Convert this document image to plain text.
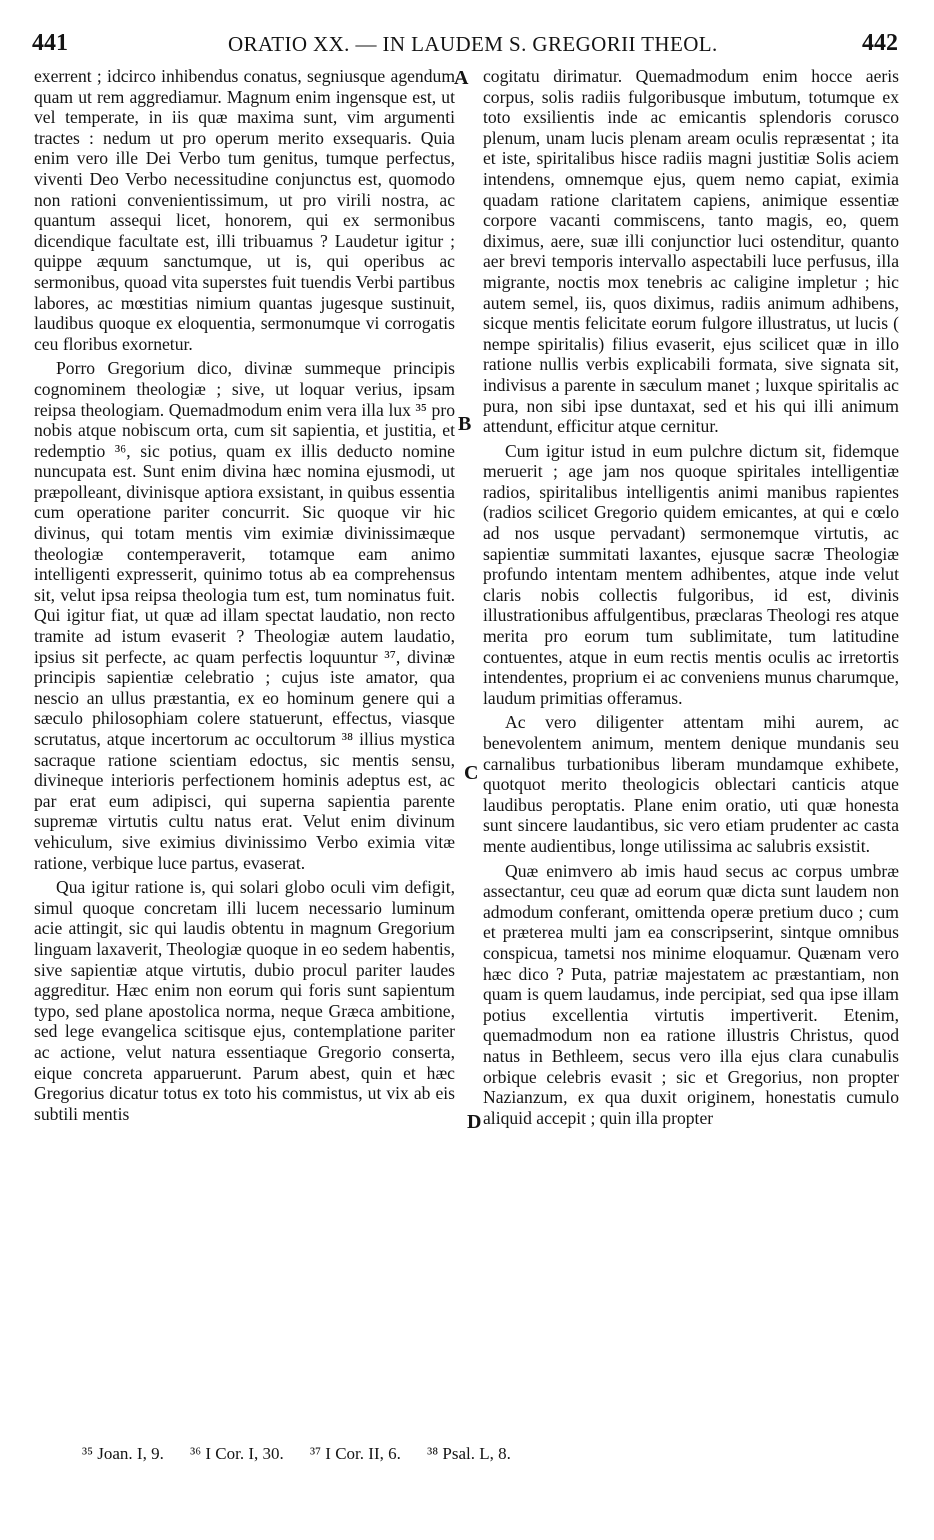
441	ORATIO XX. — IN LAUDEM S. GREGORII THEOL.	442

exerrent ; idcirco inhibendus conatus, segniusque agendum quam ut rem aggrediamur. Magnum enim ingensque est, ut vel temperate, in iis quæ maxima sunt, vim argumenti tractes : nedum ut pro operum merito exsequaris. Quia enim vero ille Dei Verbo tum genitus, tumque perfectus, viventi Deo Verbo necessitudine conjunctus est, quomodo non rationi convenientissimum, ut pro virili nostra, ac quantum assequi licet, honorem, qui ex sermonibus dicendique facultate est, illi tribuamus ? Laudetur igitur ; quippe æquum sanctumque, ut is, qui operibus ac sermonibus, quoad vita superstes fuit tuendis Verbi partibus labores, ac mœstitias nimium quantas jugesque sustinuit, laudibus quoque ex eloquentia, sermonumque vi corrogatis ceu floribus exornetur.

Porro Gregorium dico, divinæ summeque principis cognominem theologiæ ; sive, ut loquar verius, ipsam reipsa theologiam. Quemadmodum enim vera illa lux ³⁵ pro nobis atque nobiscum orta, cum sit sapientia, et justitia, et redemptio ³⁶, sic potius, quam ex illis deducto nomine nuncupata est. Sunt enim divina hæc nomina ejusmodi, ut præpolleant, divinisque aptiora exsistant, in quibus essentia cum operatione pariter concurrit. Sic quoque vir hic divinus, qui totam mentis vim eximiæ divinissimæque theologiæ contemperaverit, totamque eam animo intelligenti expresserit, quinimo totus ab ea comprehensus sit, velut ipsa reipsa theologia tum est, tum nominatus fuit. Qui igitur fiat, ut quæ ad illam spectat laudatio, non recto tramite ad istum evaserit ? Theologiæ autem laudatio, ipsius sit perfecte, ac quam perfectis loquuntur ³⁷, divinæ principis sapientiæ celebratio ; cujus iste amator, qua nescio an ullus præstantia, ex eo hominum genere qui a sæculo philosophiam colere statuerunt, effectus, viasque scrutatus, atque incertorum ac occultorum ³⁸ illius mystica sacraque ratione scientiam edoctus, sic mentis sensu, divineque interioris perfectionem hominis adeptus est, ac par erat eum adipisci, qui superna sapientia parente supremæ virtutis cultu natus erat. Velut enim divinum vehiculum, sive eximius divinissimo Verbo eximia vitæ ratione, verbique luce partus, evaserat.

Qua igitur ratione is, qui solari globo oculi vim defigit, simul quoque concretam illi lucem necessario luminum acie attingit, sic qui laudis obtentu in magnum Gregorium linguam laxaverit, Theologiæ quoque in eo sedem habentis, sive sapientiæ atque virtutis, dubio procul pariter laudes aggreditur. Hæc enim non eorum qui foris sunt sapientum typo, sed plane apostolica norma, neque Græca ambitione, sed lege evangelica scitisque ejus, contemplatione pariter ac actione, velut natura essentiaque Gregorio conserta, eique concreta apparuerunt. Parum abest, quin et hæc Gregorius dicatur totus ex toto his commistus, ut vix ab eis subtili mentis

A
B
C
D

cogitatu dirimatur. Quemadmodum enim hocce aeris corpus, solis radiis fulgoribusque imbutum, totumque ex toto exsilientis inde ac emicantis splendoris corusco plenum, unam lucis plenam aream oculis repræsentat ; ita et iste, spiritalibus hisce radiis magni justitiæ Solis aciem intendens, omnemque ejus, quem nemo capiat, eximia quadam ratione claritatem capiens, animique essentiæ corpore vacanti commiscens, tanto magis, eo, quem diximus, aere, suæ illi conjunctior luci ostenditur, quanto aer brevi temporis intervallo aspectabili luce perfusus, illa migrante, noctis mox tenebris ac caligine impletur ; hic autem semel, iis, quos diximus, radiis animum adhibens, sicque mentis felicitate eorum fulgore illustratus, ut lucis ( nempe spiritalis) filius evaserit, ejus scilicet quæ in illo ratione nullis verbis explicabili formata, sive signata sit, indivisus a parente in sæculum manet ; luxque spiritalis ac pura, non sibi ipse duntaxat, sed et his qui illi animum attendunt, efficitur atque cernitur.

Cum igitur istud in eum pulchre dictum sit, fidemque meruerit ; age jam nos quoque spiritales intelligentiæ radios, spiritalibus intelligentis animi manibus rapientes (radios scilicet Gregorio quidem emicantes, at qui e cœlo ad nos usque pervadant) sermonemque virtutis, ac sapientiæ summitati laxantes, ejusque sacræ Theologiæ profundo intentam mentem adhibentes, atque inde velut claris nobis collectis fulgoribus, id est, divinis illustrationibus affulgentibus, præclaras Theologi res atque merita pro eorum tum sublimitate, tum latitudine contuentes, atque in eum rectis mentis oculis ac irretortis intendentes, proprium ei ac conveniens munus charumque, laudum primitias offeramus.

Ac vero diligenter attentam mihi aurem, ac benevolentem animum, mentem denique mundanis seu carnalibus turbationibus liberam mundamque exhibete, quotquot merito theologicis oblectari canticis atque laudibus peroptatis. Plane enim oratio, uti quæ honesta sunt sincere laudantibus, sic vero etiam prudenter ac casta mente audientibus, longe utilissima ac salubris exsistit.

Quæ enimvero ab imis haud secus ac corpus umbræ assectantur, ceu quæ ad eorum quæ dicta sunt laudem non admodum conferant, omittenda operæ pretium duco ; cum et præterea multi jam ea conscripserint, sintque omnibus conspicua, tametsi nos minime eloquamur. Quænam vero hæc dico ? Puta, patriæ majestatem ac præstantiam, non quam is quem laudamus, inde percipiat, sed qua ipse illam potius excellentia virtutis impertiverit. Etenim, quemadmodum non ea ratione illustris Christus, quod natus in Bethleem, secus vero illa ejus clara cunabulis orbique celebris evasit ; sic et Gregorius, non propter Nazianzum, ex qua duxit originem, honestatis cumulo aliquid accepit ; quin illa propter

³⁵ Joan. I, 9. ³⁶ I Cor. I, 30. ³⁷ I Cor. II, 6. ³⁸ Psal. L, 8.
